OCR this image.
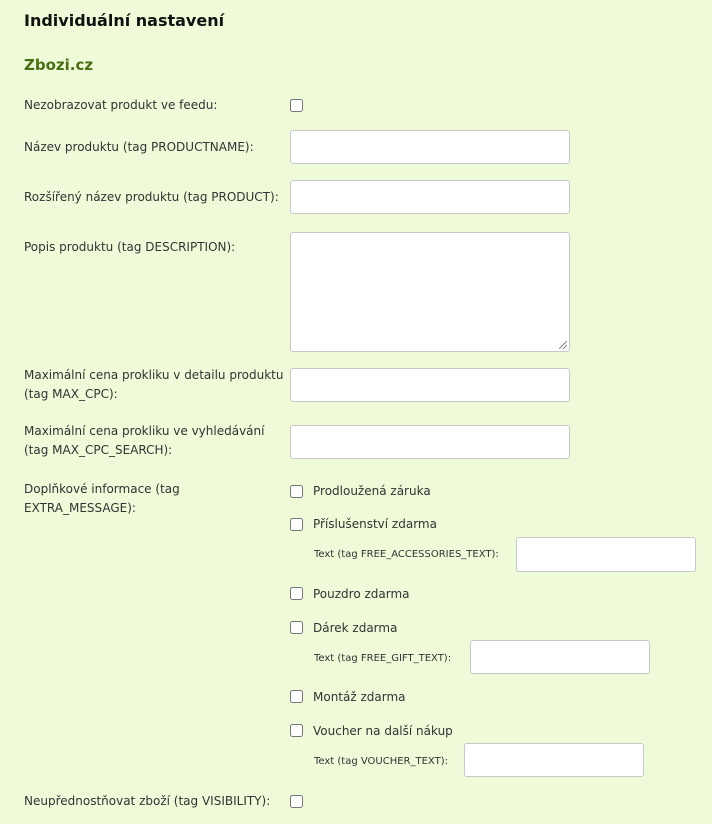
Individuální nastavení
Zbozi.cz
Nezobrazovat produkt ve feedu:
Název produktu (tag PRODUCTNAME):
Rozšířený název produktu (tag PRODUCT):
Popis produktu (tag DESCRIPTION):
Maximální cena prokliku v detailu produktu
(tag MAX_CPC):
Maximální cena prokliku ve vyhledávání
(tag MAX_CPC_SEARCH):
Doplňkové informace (tag
EXTRA_MESSAGE):
Prodloužená záruka
Příslušenství zdarma
Text (tag FREE_ACCESSORIES_TEXT):
Pouzdro zdarma
Dárek zdarma
Text (tag FREE_GIFT_TEXT):
Montáž zdarma
Voucher na další nákup
Text (tag VOUCHER_TEXT):
Neupřednostňovat zboží (tag VISIBILITY):
